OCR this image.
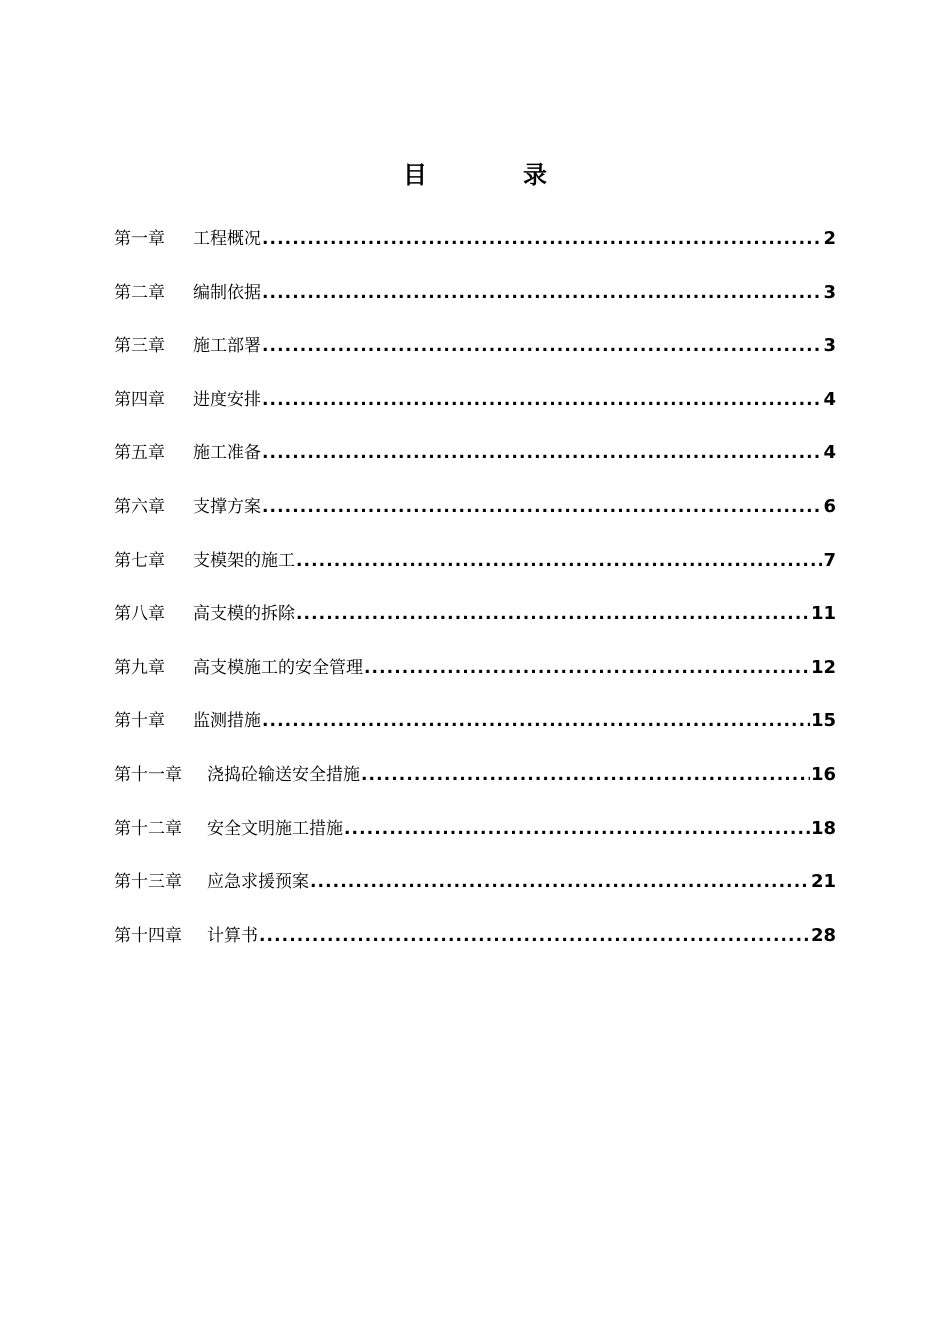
目　录
第一章 工程概况 .....	2
第二章 编制依据 .....	3
第三章 施工部署 .....	3
第四章 进度安排 .....	4
第五章 施工准备 .....	4
第六章 支撑方案 .....	6
第七章 支模架的施工 .....	7
第八章 高支模的拆除 .....	11
第九章 高支模施工的安全管理 .....	12
第十章 监测措施 .....	15
第十一章 浇捣砼输送安全措施 .....	16
第十二章 安全文明施工措施 .....	18
第十三章 应急求援预案 .....	21
第十四章 计算书 .....	28
